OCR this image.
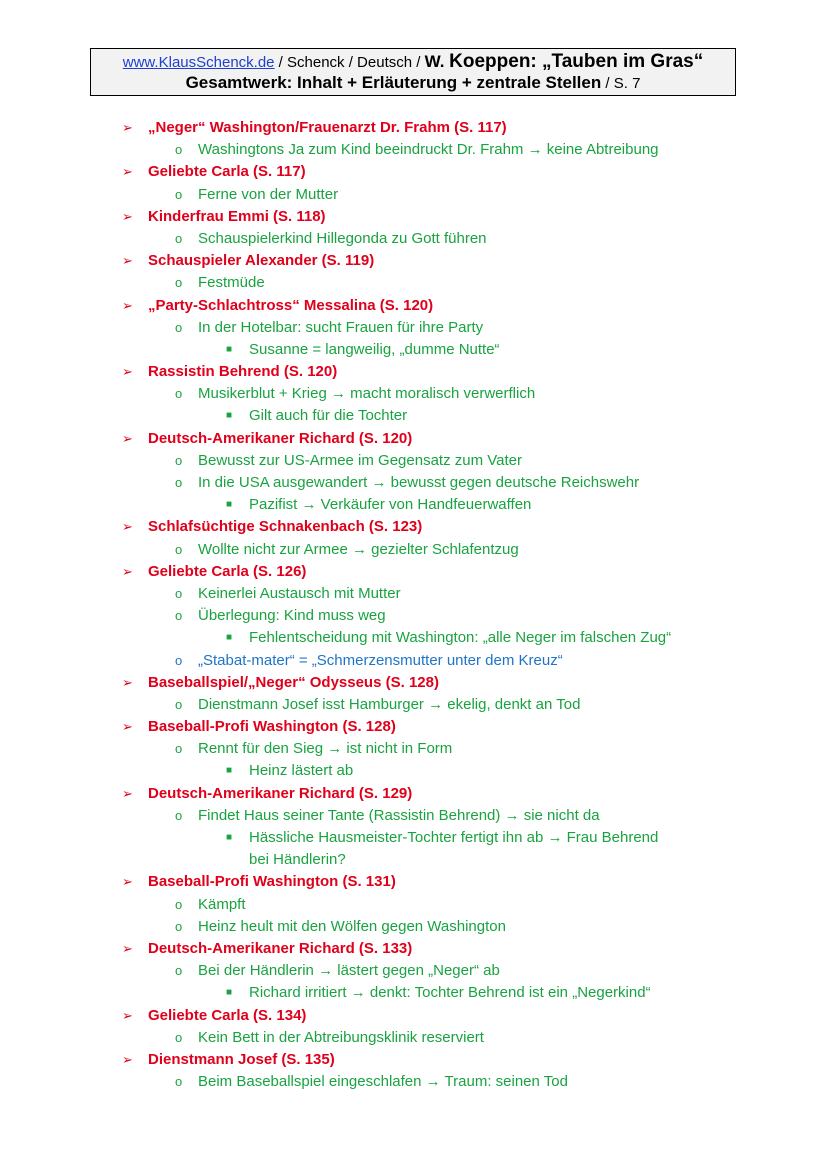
www.KlausSchenck.de / Schenck / Deutsch / W. Koeppen: „Tauben im Gras“
Gesamtwerk: Inhalt + Erläuterung + zentrale Stellen / S. 7
➢ „Neger“ Washington/Frauenarzt Dr. Frahm (S. 117)
o Washingtons Ja zum Kind beeindruckt Dr. Frahm → keine Abtreibung
➢ Geliebte Carla (S. 117)
o Ferne von der Mutter
➢ Kinderfrau Emmi (S. 118)
o Schauspielerkind Hillegonda zu Gott führen
➢ Schauspieler Alexander (S. 119)
o Festmüde
➢ „Party-Schlachtross“ Messalina (S. 120)
o In der Hotelbar: sucht Frauen für ihre Party
■ Susanne = langweilig, „dumme Nutte“
➢ Rassistin Behrend (S. 120)
o Musikerblut + Krieg → macht moralisch verwerflich
■ Gilt auch für die Tochter
➢ Deutsch-Amerikaner Richard (S. 120)
o Bewusst zur US-Armee im Gegensatz zum Vater
o In die USA ausgewandert → bewusst gegen deutsche Reichswehr
■ Pazifist → Verkäufer von Handfeuerwaffen
➢ Schlafsüchtige Schnakenbach (S. 123)
o Wollte nicht zur Armee → gezielter Schlafentzug
➢ Geliebte Carla (S. 126)
o Keinerlei Austausch mit Mutter
o Überlegung: Kind muss weg
■ Fehlentscheidung mit Washington: „alle Neger im falschen Zug“
o „Stabat-mater“ = „Schmerzensmutter unter dem Kreuz“
➢ Baseballspiel/„Neger“ Odysseus (S. 128)
o Dienstmann Josef isst Hamburger → ekelig, denkt an Tod
➢ Baseball-Profi Washington (S. 128)
o Rennt für den Sieg → ist nicht in Form
■ Heinz lästert ab
➢ Deutsch-Amerikaner Richard (S. 129)
o Findet Haus seiner Tante (Rassistin Behrend) → sie nicht da
■ Hässliche Hausmeister-Tochter fertigt ihn ab → Frau Behrend
bei Händlerin?
➢ Baseball-Profi Washington (S. 131)
o Kämpft
o Heinz heult mit den Wölfen gegen Washington
➢ Deutsch-Amerikaner Richard (S. 133)
o Bei der Händlerin → lästert gegen „Neger“ ab
■ Richard irritiert → denkt: Tochter Behrend ist ein „Negerkind“
➢ Geliebte Carla (S. 134)
o Kein Bett in der Abtreibungsklinik reserviert
➢ Dienstmann Josef (S. 135)
o Beim Baseballspiel eingeschlafen → Traum: seinen Tod
